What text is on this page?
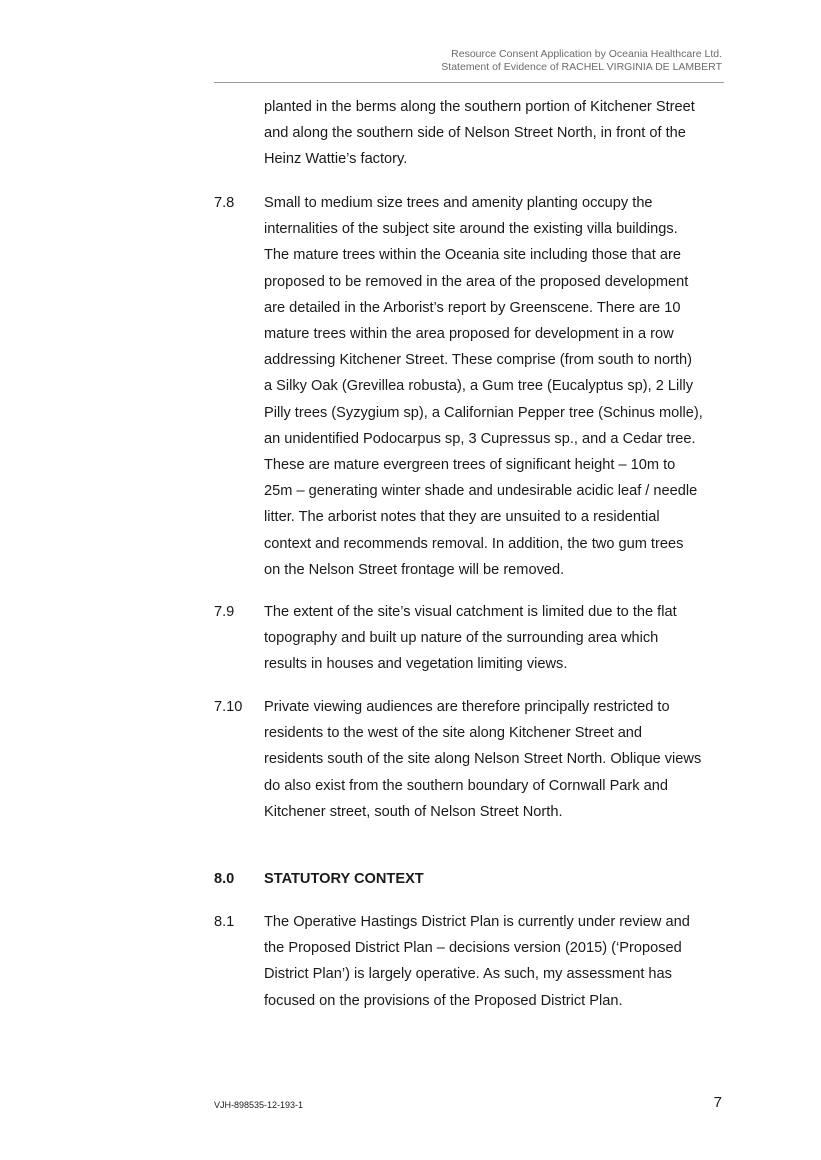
Resource Consent Application by Oceania Healthcare Ltd.
Statement of Evidence of RACHEL VIRGINIA DE LAMBERT
planted in the berms along the southern portion of Kitchener Street
and along the southern side of Nelson Street North, in front of the
Heinz Wattie’s factory.
7.8 Small to medium size trees and amenity planting occupy the
internalities of the subject site around the existing villa buildings.
The mature trees within the Oceania site including those that are
proposed to be removed in the area of the proposed development
are detailed in the Arborist’s report by Greenscene. There are 10
mature trees within the area proposed for development in a row
addressing Kitchener Street. These comprise (from south to north)
a Silky Oak (Grevillea robusta), a Gum tree (Eucalyptus sp), 2 Lilly
Pilly trees (Syzygium sp), a Californian Pepper tree (Schinus molle),
an unidentified Podocarpus sp, 3 Cupressus sp., and a Cedar tree.
These are mature evergreen trees of significant height – 10m to
25m – generating winter shade and undesirable acidic leaf / needle
litter. The arborist notes that they are unsuited to a residential
context and recommends removal. In addition, the two gum trees
on the Nelson Street frontage will be removed.
7.9 The extent of the site’s visual catchment is limited due to the flat
topography and built up nature of the surrounding area which
results in houses and vegetation limiting views.
7.10 Private viewing audiences are therefore principally restricted to
residents to the west of the site along Kitchener Street and
residents south of the site along Nelson Street North. Oblique views
do also exist from the southern boundary of Cornwall Park and
Kitchener street, south of Nelson Street North.
8.0 STATUTORY CONTEXT
8.1 The Operative Hastings District Plan is currently under review and
the Proposed District Plan – decisions version (2015) (‘Proposed
District Plan’) is largely operative. As such, my assessment has
focused on the provisions of the Proposed District Plan.
VJH-898535-12-193-1	7
